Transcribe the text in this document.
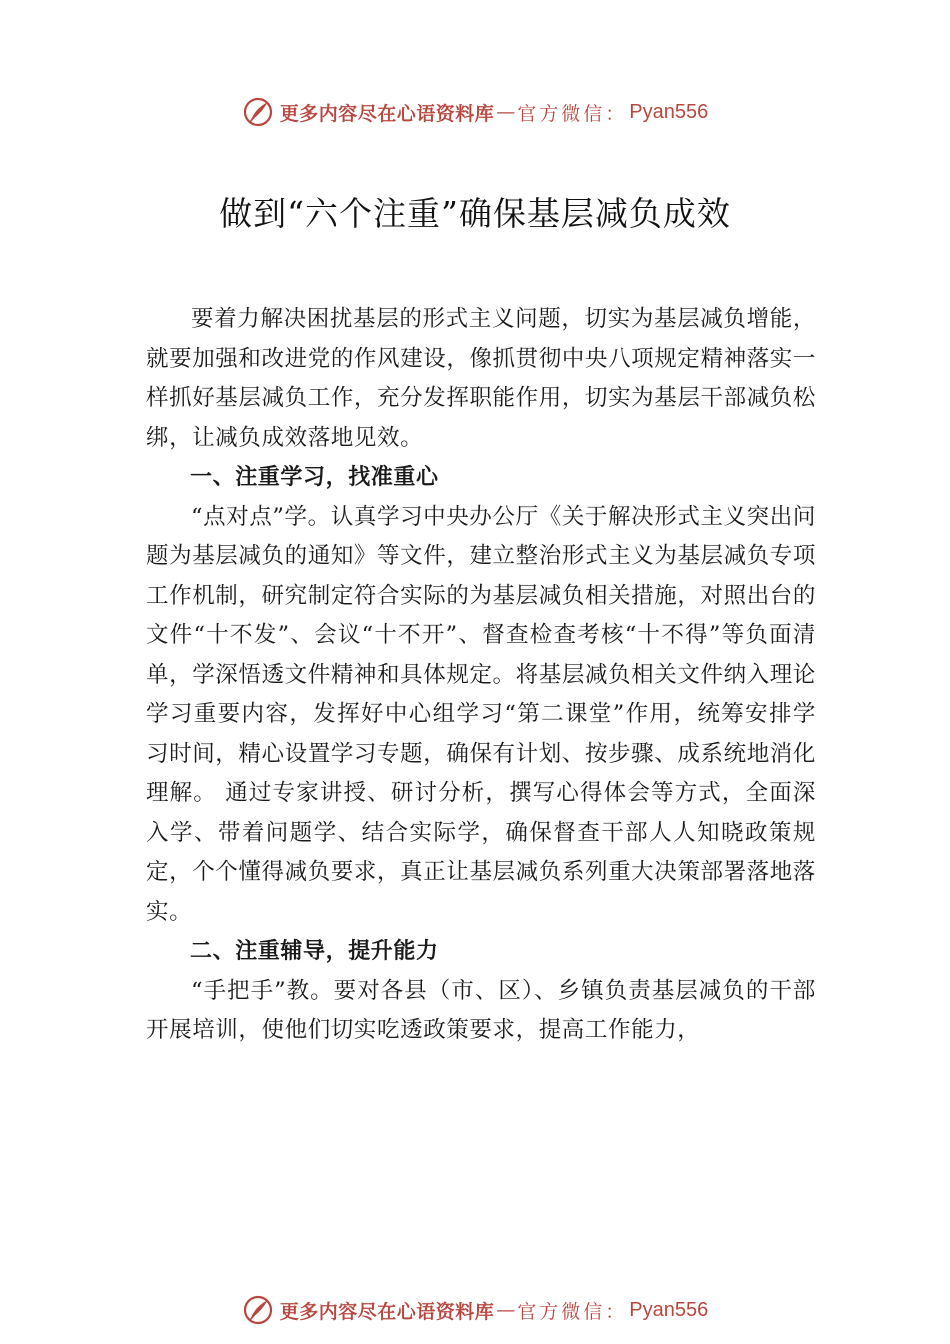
更多内容尽在心语资料库 — 官方微信： Pyan556
做到“六个注重”确保基层减负成效

要着力解决困扰基层的形式主义问题，切实为基层减负增能，就要加强和改进党的作风建设，像抓贯彻中央八项规定精神落实一样抓好基层减负工作，充分发挥职能作用，切实为基层干部减负松绑，让减负成效落地见效。

一、注重学习，找准重心

“点对点”学。认真学习中央办公厅《关于解决形式主义突出问题为基层减负的通知》等文件，建立整治形式主义为基层减负专项工作机制，研究制定符合实际的为基层减负相关措施，对照出台的文件“十不发”、会议“十不开”、督查检查考核“十不得”等负面清单，学深悟透文件精神和具体规定。将基层减负相关文件纳入理论学习重要内容，发挥好中心组学习“第二课堂”作用，统筹安排学习时间，精心设置学习专题，确保有计划、按步骤、成系统地消化理解。 通过专家讲授、研讨分析，撰写心得体会等方式，全面深入学、带着问题学、结合实际学，确保督查干部人人知晓政策规定，个个懂得减负要求，真正让基层减负系列重大决策部署落地落实。

二、注重辅导，提升能力

“手把手”教。要对各县（市、区）、乡镇负责基层减负的干部开展培训，使他们切实吃透政策要求，提高工作能力，

更多内容尽在心语资料库 — 官方微信： Pyan556
